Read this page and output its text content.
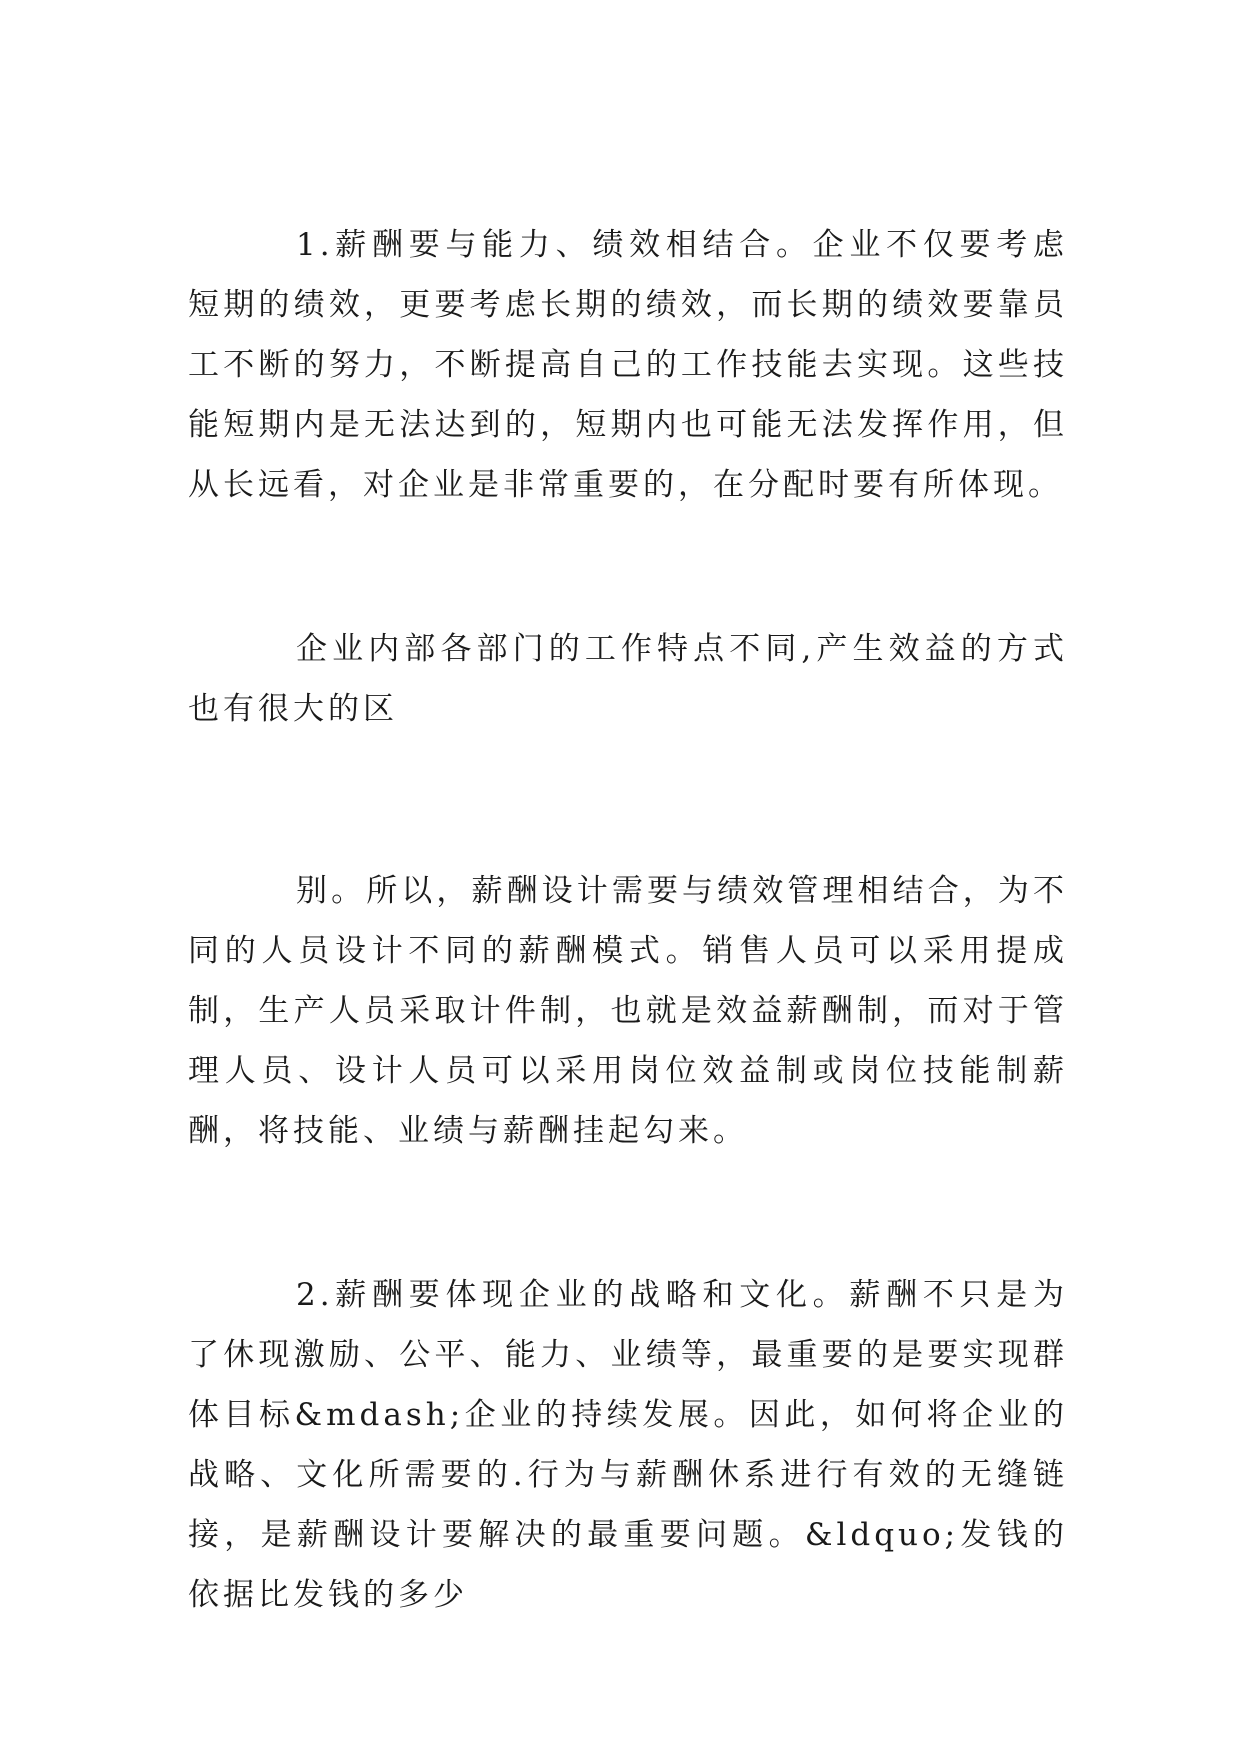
1.薪酬要与能力、绩效相结合。企业不仅要考虑短期的绩效，更要考虑长期的绩效，而长期的绩效要靠员工不断的努力，不断提高自己的工作技能去实现。这些技能短期内是无法达到的，短期内也可能无法发挥作用，但从长远看，对企业是非常重要的，在分配时要有所体现。

企业内部各部门的工作特点不同,产生效益的方式也有很大的区

别。所以，薪酬设计需要与绩效管理相结合，为不同的人员设计不同的薪酬模式。销售人员可以采用提成制，生产人员采取计件制，也就是效益薪酬制，而对于管理人员、设计人员可以采用岗位效益制或岗位技能制薪酬，将技能、业绩与薪酬挂起勾来。

2.薪酬要体现企业的战略和文化。薪酬不只是为了休现激励、公平、能力、业绩等，最重要的是要实现群体目标&mdash;企业的持续发展。因此，如何将企业的战略、文化所需要的.行为与薪酬休系进行有效的无缝链接，是薪酬设计要解决的最重要问题。&ldquo;发钱的依据比发钱的多少
